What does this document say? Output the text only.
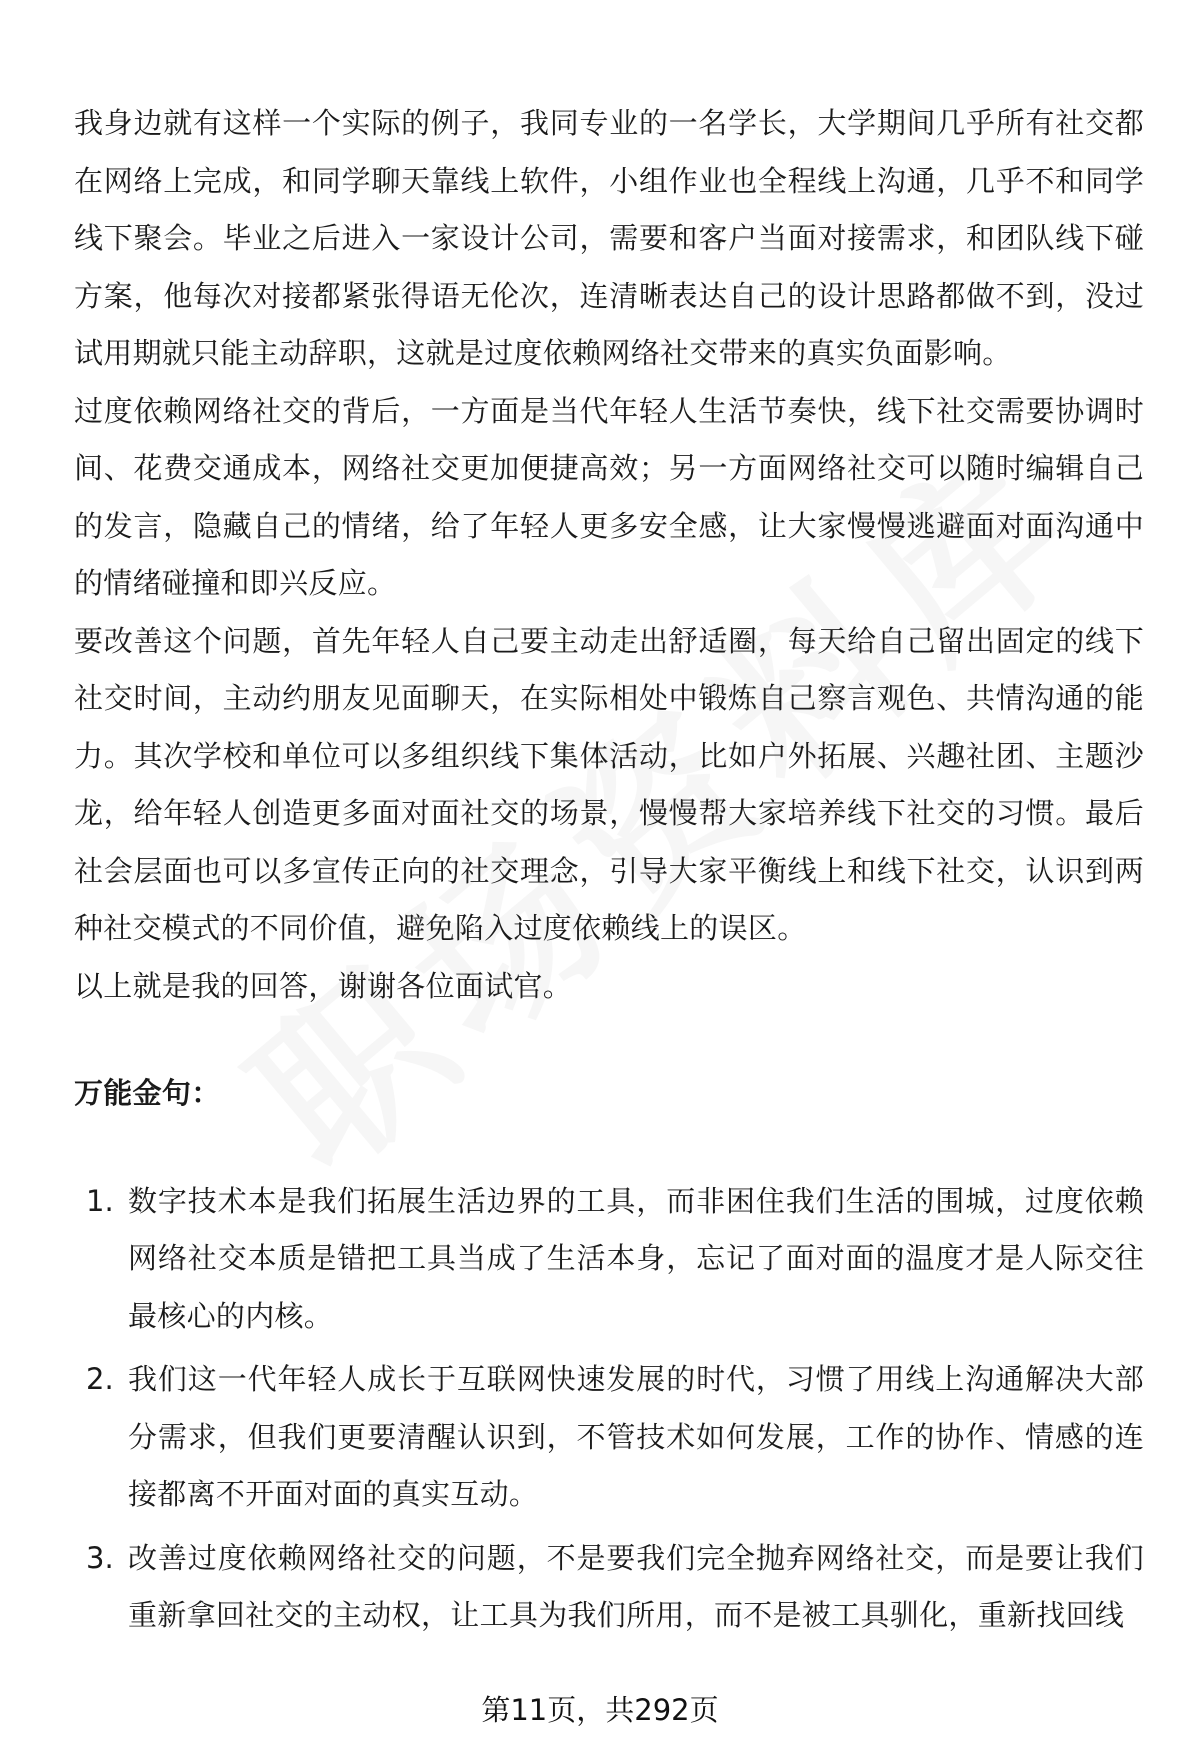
我身边就有这样一个实际的例子，我同专业的一名学长，大学期间几乎所有社交都在网络上完成，和同学聊天靠线上软件，小组作业也全程线上沟通，几乎不和同学线下聚会。毕业之后进入一家设计公司，需要和客户当面对接需求，和团队线下碰方案，他每次对接都紧张得语无伦次，连清晰表达自己的设计思路都做不到，没过试用期就只能主动辞职，这就是过度依赖网络社交带来的真实负面影响。

过度依赖网络社交的背后，一方面是当代年轻人生活节奏快，线下社交需要协调时间、花费交通成本，网络社交更加便捷高效；另一方面网络社交可以随时编辑自己的发言，隐藏自己的情绪，给了年轻人更多安全感，让大家慢慢逃避面对面沟通中的情绪碰撞和即兴反应。

要改善这个问题，首先年轻人自己要主动走出舒适圈，每天给自己留出固定的线下社交时间，主动约朋友见面聊天，在实际相处中锻炼自己察言观色、共情沟通的能力。其次学校和单位可以多组织线下集体活动，比如户外拓展、兴趣社团、主题沙龙，给年轻人创造更多面对面社交的场景，慢慢帮大家培养线下社交的习惯。最后社会层面也可以多宣传正向的社交理念，引导大家平衡线上和线下社交，认识到两种社交模式的不同价值，避免陷入过度依赖线上的误区。

以上就是我的回答，谢谢各位面试官。

万能金句：
1. 数字技术本是我们拓展生活边界的工具，而非困住我们生活的围城，过度依赖网络社交本质是错把工具当成了生活本身，忘记了面对面的温度才是人际交往最核心的内核。
2. 我们这一代年轻人成长于互联网快速发展的时代，习惯了用线上沟通解决大部分需求，但我们更要清醒认识到，不管技术如何发展，工作的协作、情感的连接都离不开面对面的真实互动。
3. 改善过度依赖网络社交的问题，不是要我们完全抛弃网络社交，而是要让我们重新拿回社交的主动权，让工具为我们所用，而不是被工具驯化，重新找回线
第11页，共292页
